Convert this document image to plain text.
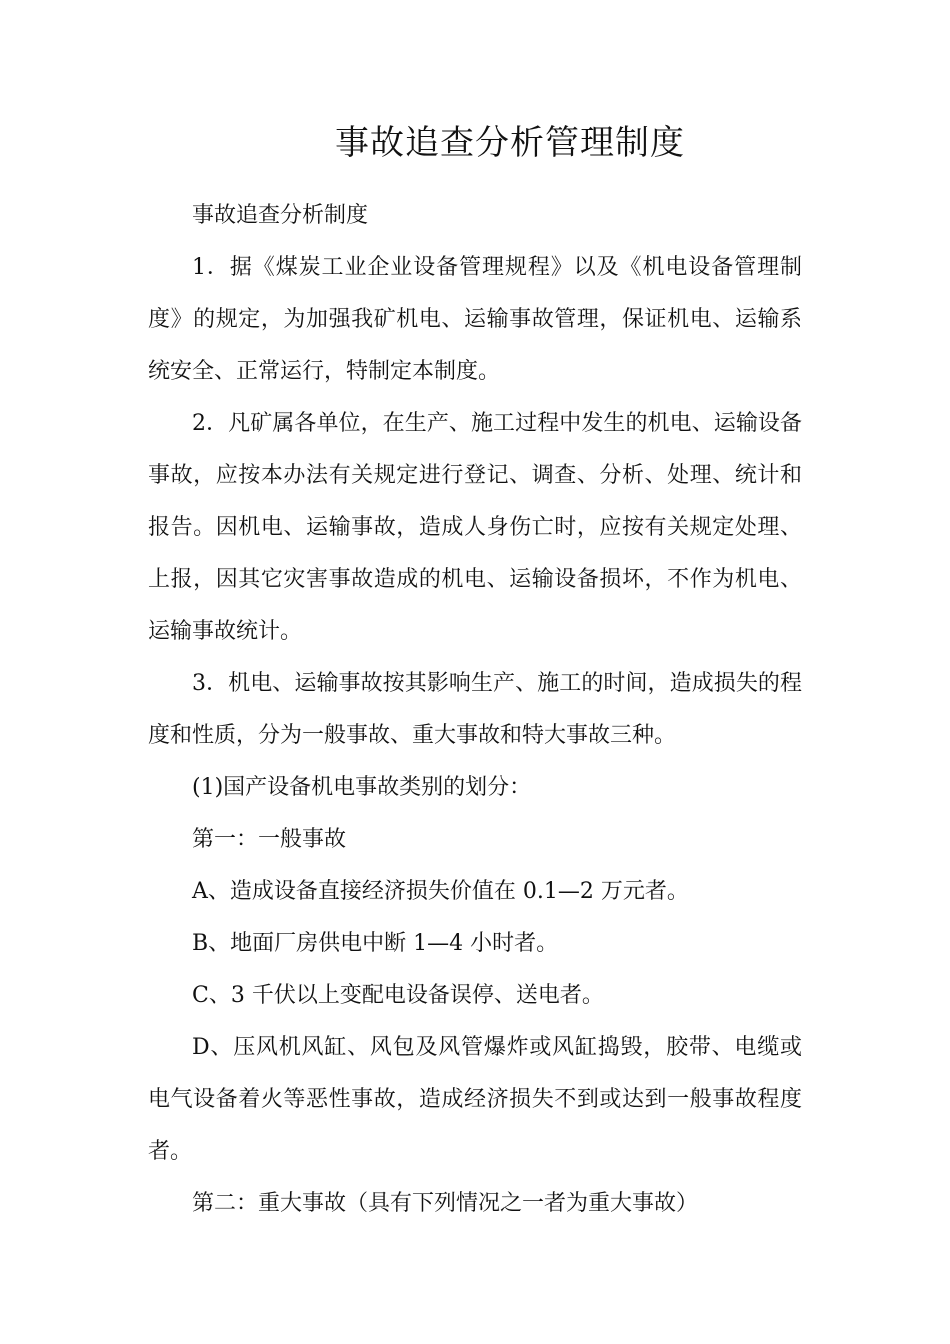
事故追查分析管理制度

事故追查分析制度

1．据《煤炭工业企业设备管理规程》以及《机电设备管理制度》的规定，为加强我矿机电、运输事故管理，保证机电、运输系统安全、正常运行，特制定本制度。

2．凡矿属各单位，在生产、施工过程中发生的机电、运输设备事故，应按本办法有关规定进行登记、调查、分析、处理、统计和报告。因机电、运输事故，造成人身伤亡时，应按有关规定处理、上报，因其它灾害事故造成的机电、运输设备损坏，不作为机电、运输事故统计。

3．机电、运输事故按其影响生产、施工的时间，造成损失的程度和性质，分为一般事故、重大事故和特大事故三种。

(1)国产设备机电事故类别的划分：

第一：一般事故

A、造成设备直接经济损失价值在 0.1—2 万元者。

B、地面厂房供电中断 1—4 小时者。

C、3 千伏以上变配电设备误停、送电者。

D、压风机风缸、风包及风管爆炸或风缸捣毁，胶带、电缆或电气设备着火等恶性事故，造成经济损失不到或达到一般事故程度者。

第二：重大事故（具有下列情况之一者为重大事故）
